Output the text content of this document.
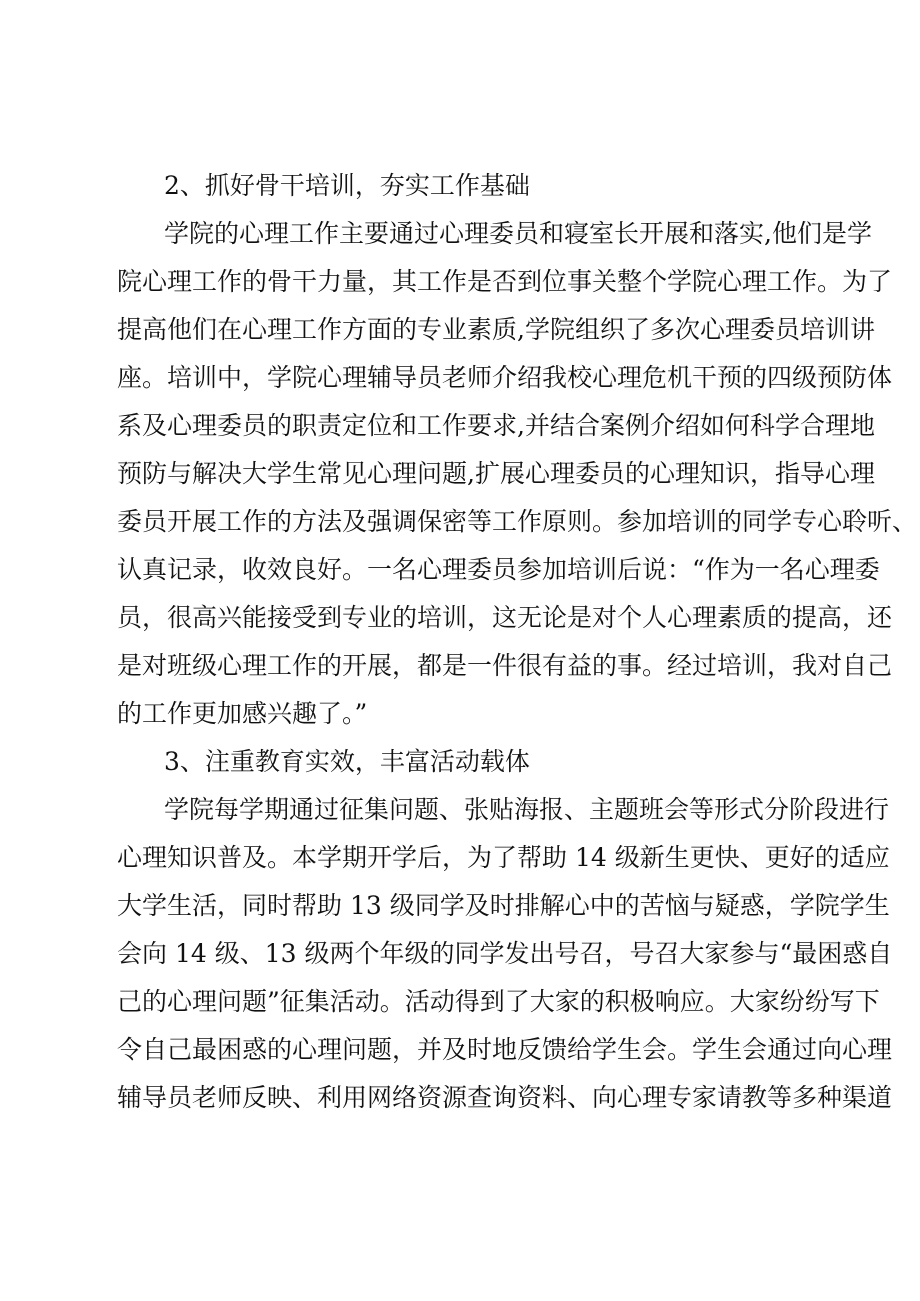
2、抓好骨干培训，夯实工作基础
学院的心理工作主要通过心理委员和寝室长开展和落实,他们是学
院心理工作的骨干力量，其工作是否到位事关整个学院心理工作。为了
提高他们在心理工作方面的专业素质,学院组织了多次心理委员培训讲
座。培训中，学院心理辅导员老师介绍我校心理危机干预的四级预防体
系及心理委员的职责定位和工作要求,并结合案例介绍如何科学合理地
预防与解决大学生常见心理问题,扩展心理委员的心理知识，指导心理
委员开展工作的方法及强调保密等工作原则。参加培训的同学专心聆听、
认真记录，收效良好。一名心理委员参加培训后说：“作为一名心理委
员，很高兴能接受到专业的培训，这无论是对个人心理素质的提高，还
是对班级心理工作的开展，都是一件很有益的事。经过培训，我对自己
的工作更加感兴趣了。”
3、注重教育实效，丰富活动载体
学院每学期通过征集问题、张贴海报、主题班会等形式分阶段进行
心理知识普及。本学期开学后，为了帮助 14 级新生更快、更好的适应
大学生活，同时帮助 13 级同学及时排解心中的苦恼与疑惑，学院学生
会向 14 级、13 级两个年级的同学发出号召，号召大家参与“最困惑自
己的心理问题”征集活动。活动得到了大家的积极响应。大家纷纷写下
令自己最困惑的心理问题，并及时地反馈给学生会。学生会通过向心理
辅导员老师反映、利用网络资源查询资料、向心理专家请教等多种渠道
